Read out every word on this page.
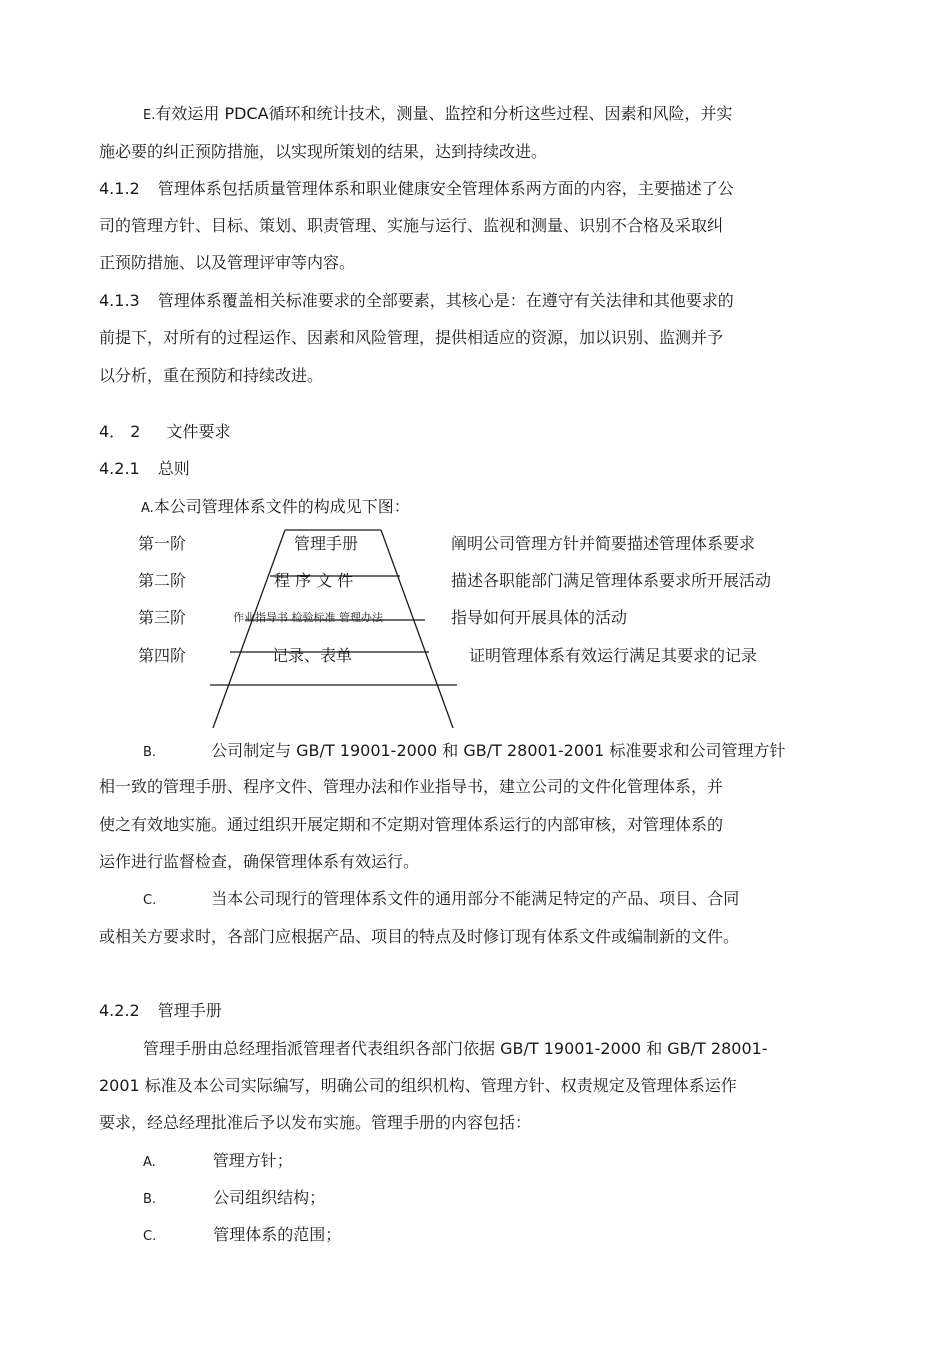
E.有效运用 PDCA循环和统计技术，测量、监控和分析这些过程、因素和风险，并实
施必要的纠正预防措施，以实现所策划的结果，达到持续改进。
4.1.2 管理体系包括质量管理体系和职业健康安全管理体系两方面的内容，主要描述了公
司的管理方针、目标、策划、职责管理、实施与运行、监视和测量、识别不合格及采取纠
正预防措施、以及管理评审等内容。
4.1.3 管理体系覆盖相关标准要求的全部要素，其核心是：在遵守有关法律和其他要求的
前提下，对所有的过程运作、因素和风险管理，提供相适应的资源，加以识别、监测并予
以分析，重在预防和持续改进。
4． 2 文件要求
4.2.1 总则
A.本公司管理体系文件的构成见下图：
第一阶	管理手册	阐明公司管理方针并简要描述管理体系要求
第二阶	程 序 文 件	描述各职能部门满足管理体系要求所开展活动
第三阶	作业指导书 检验标准 管理办法	指导如何开展具体的活动
第四阶	记录、表单	证明管理体系有效运行满足其要求的记录
B.	公司制定与 GB/T 19001-2000 和 GB/T 28001-2001 标准要求和公司管理方针
相一致的管理手册、程序文件、管理办法和作业指导书，建立公司的文件化管理体系，并
使之有效地实施。通过组织开展定期和不定期对管理体系运行的内部审核，对管理体系的
运作进行监督检查，确保管理体系有效运行。
C.	当本公司现行的管理体系文件的通用部分不能满足特定的产品、项目、合同
或相关方要求时，各部门应根据产品、项目的特点及时修订现有体系文件或编制新的文件。
4.2.2 管理手册
管理手册由总经理指派管理者代表组织各部门依据 GB/T 19001-2000 和 GB/T 28001-
2001 标准及本公司实际编写，明确公司的组织机构、管理方针、权责规定及管理体系运作
要求，经总经理批准后予以发布实施。管理手册的内容包括：
A.	管理方针；
B.	公司组织结构；
C.	管理体系的范围；
